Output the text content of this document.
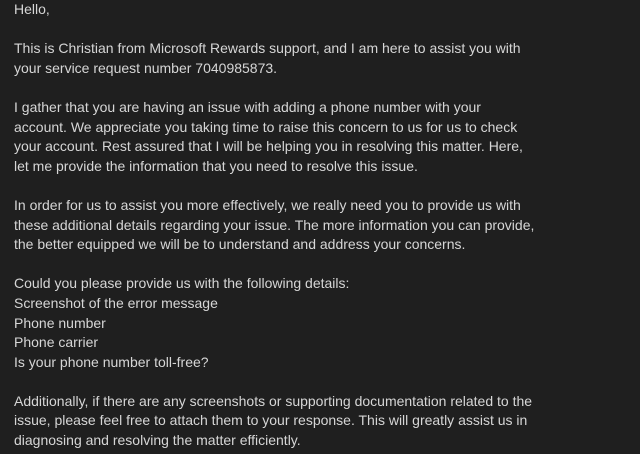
Hello,
This is Christian from Microsoft Rewards support, and I am here to assist you with
your service request number 7040985873.
I gather that you are having an issue with adding a phone number with your
account. We appreciate you taking time to raise this concern to us for us to check
your account. Rest assured that I will be helping you in resolving this matter. Here,
let me provide the information that you need to resolve this issue.
In order for us to assist you more effectively, we really need you to provide us with
these additional details regarding your issue. The more information you can provide,
the better equipped we will be to understand and address your concerns.
Could you please provide us with the following details:
Screenshot of the error message
Phone number
Phone carrier
Is your phone number toll-free?
Additionally, if there are any screenshots or supporting documentation related to the
issue, please feel free to attach them to your response. This will greatly assist us in
diagnosing and resolving the matter efficiently.
